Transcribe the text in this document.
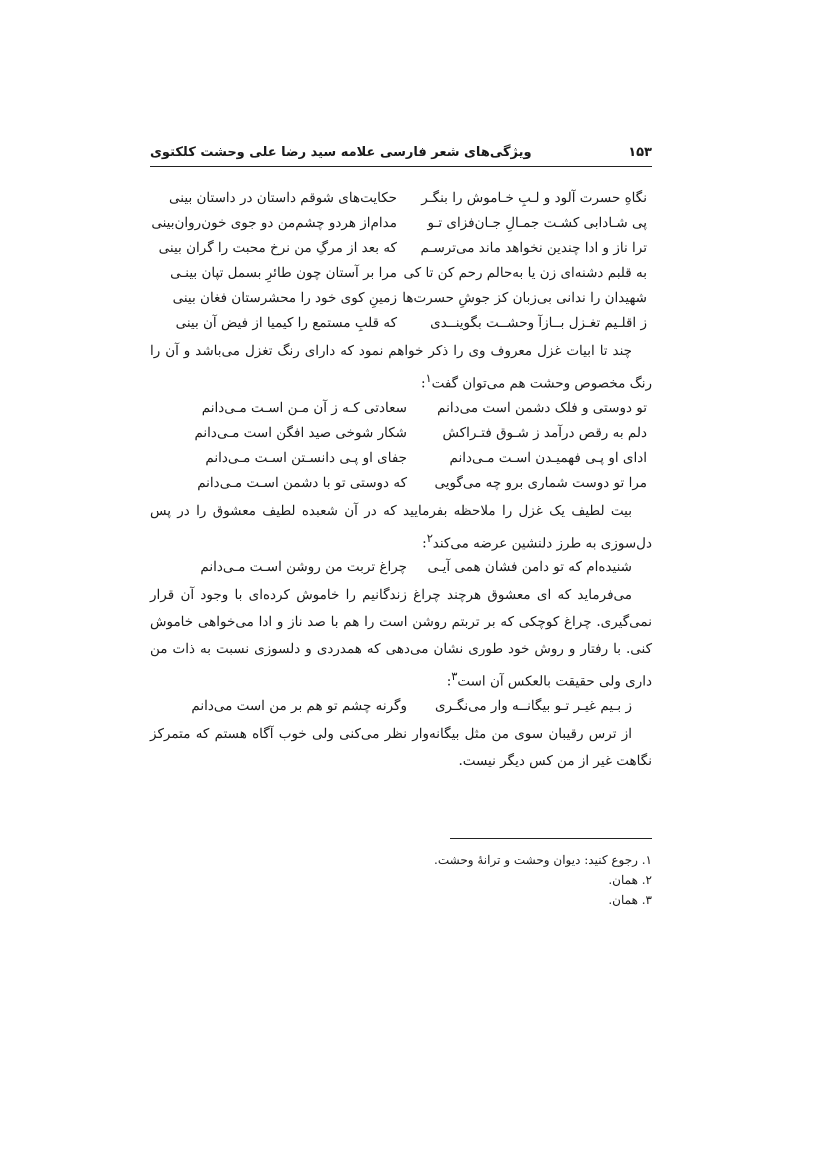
۱۵۳
ویژگی‌های شعر فارسی علامه سید رضا علی وحشت کلکتوی
نگاهِ حسرت آلود و لـبِ خـاموش را بنگـر
حکایت‌های شوقم داستان در داستان بینی
پی شـادابی کشـت جمـالِ جـان‌فزای تـو
مدام‌از هردو چشم‌من دو جوی خون‌روان‌بینی
ترا ناز و ادا چندین نخواهد ماند می‌ترسـم
که بعد از مرگِ من نرخ محبت را گران بینی
به قلبم دشنه‌ای زن یا به‌حالم رحم کن تا کی
مرا بر آستان چون طائرِ بسمل تپان بینـی
شهیدان را ندانی بی‌زبان کز جوشِ حسرت‌ها
زمینِ کوی خود را محشرستان فغان بینی
ز اقلـیم تغـزل بــازآ وحشــت بگوینــدی
که قلبِ مستمع را کیمیا از فیض آن بینی

چند تا ابیات غزل معروف وی را ذکر خواهم نمود که دارای رنگ تغزل می‌باشد و آن را رنگ مخصوص وحشت هم می‌توان گفت$^۱$:

تو دوستی و فلک دشمن است می‌دانم
سعادتی کـه ز آن مـن اسـت مـی‌دانم
دلم به رقص درآمد ز شـوق فتـراکش
شکار شوخی صید افگن است مـی‌دانم
ادای او پـی فهمیـدن اسـت مـی‌دانم
جفای او پـی دانسـتن اسـت مـی‌دانم
مرا تو دوست شماری برو چه می‌گویی
که دوستی تو با دشمن اسـت مـی‌دانم

بیت لطیف یک غزل را ملاحظه بفرمایید که در آن شعبده لطیف معشوق را در پس دل‌سوزی به طرز دلنشین عرضه می‌کند$^۲$:

شنیده‌ام که تو دامن فشان همی آیـی
چراغ تربت من روشن اسـت مـی‌دانم

می‌فرماید که ای معشوق هرچند چراغ زندگانیم را خاموش کرده‌ای با وجود آن قرار نمی‌گیری. چراغ کوچکی که بر تربتم روشن است را هم با صد ناز و ادا می‌خواهی خاموش کنی. با رفتار و روش خود طوری نشان می‌دهی که همدردی و دلسوزی نسبت به ذات من داری ولی حقیقت بالعکس آن است$^۳$:

ز بـیم غیـر تـو بیگانــه وار می‌نگـری
وگرنه چشم تو هم بر من است می‌دانم

از ترس رقیبان سوی من مثل بیگانه‌وار نظر می‌کنی ولی خوب آگاه هستم که متمرکز نگاهت غیر از من کس دیگر نیست.

۱. رجوع کنید: دیوان وحشت و ترانهٔ وحشت.
۲. همان.
۳. همان.
